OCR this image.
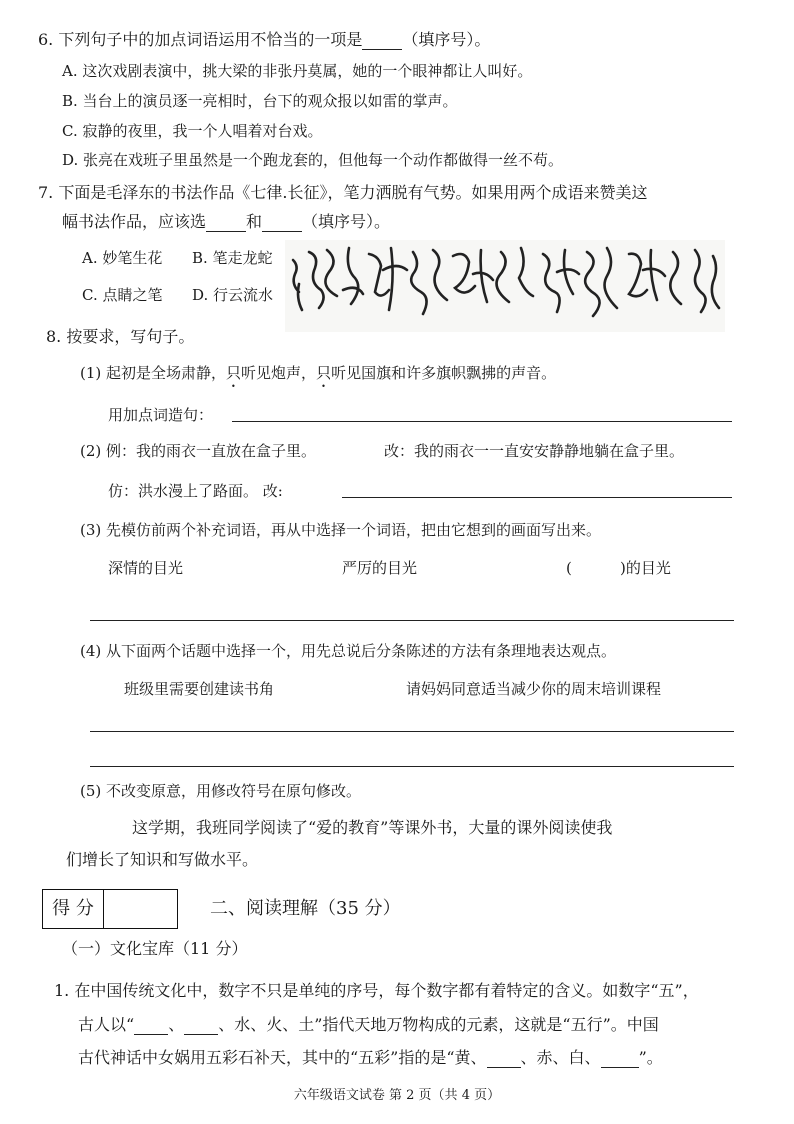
6. 下列句子中的加点词语运用不恰当的一项是	（填序号）。
A. 这次戏剧表演中，挑大梁的非张丹莫属，她的一个眼神都让人叫好。
B. 当台上的演员逐一亮相时，台下的观众报以如雷的掌声。
C. 寂静的夜里，我一个人唱着对台戏。
D. 张亮在戏班子里虽然是一个跑龙套的，但他每一个动作都做得一丝不苟。
7. 下面是毛泽东的书法作品《七律.长征》，笔力洒脱有气势。如果用两个成语来赞美这
幅书法作品，应该选	和	（填序号）。
A. 妙笔生花 B. 笔走龙蛇
C. 点睛之笔 D. 行云流水
8. 按要求，写句子。
(1) 起初是全场肃静，只听见炮声，只听见国旗和许多旗帜飘拂的声音。
用加点词造句：
(2) 例：我的雨衣一直放在盒子里。	改：我的雨衣一一直安安静静地躺在盒子里。
仿：洪水漫上了路面。 改:
(3) 先模仿前两个补充词语，再从中选择一个词语，把由它想到的画面写出来。
深情的目光	严厉的目光	(	)的目光
(4) 从下面两个话题中选择一个，用先总说后分条陈述的方法有条理地表达观点。
班级里需要创建读书角	请妈妈同意适当减少你的周末培训课程
(5) 不改变原意，用修改符号在原句修改。
这学期，我班同学阅读了“爱的教育”等课外书，大量的课外阅读使我
们增长了知识和写做水平。
得 分	二、阅读理解（35 分）
（一）文化宝库（11 分）
1. 在中国传统文化中，数字不只是单纯的序号，每个数字都有着特定的含义。如数字“五”，
古人以“ 、 、水、火、土”指代天地万物构成的元素，这就是“五行”。中国
古代神话中女娲用五彩石补天，其中的“五彩”指的是“黄、 、赤、白、 ”。
六年级语文试卷 第 2 页（共 4 页）
